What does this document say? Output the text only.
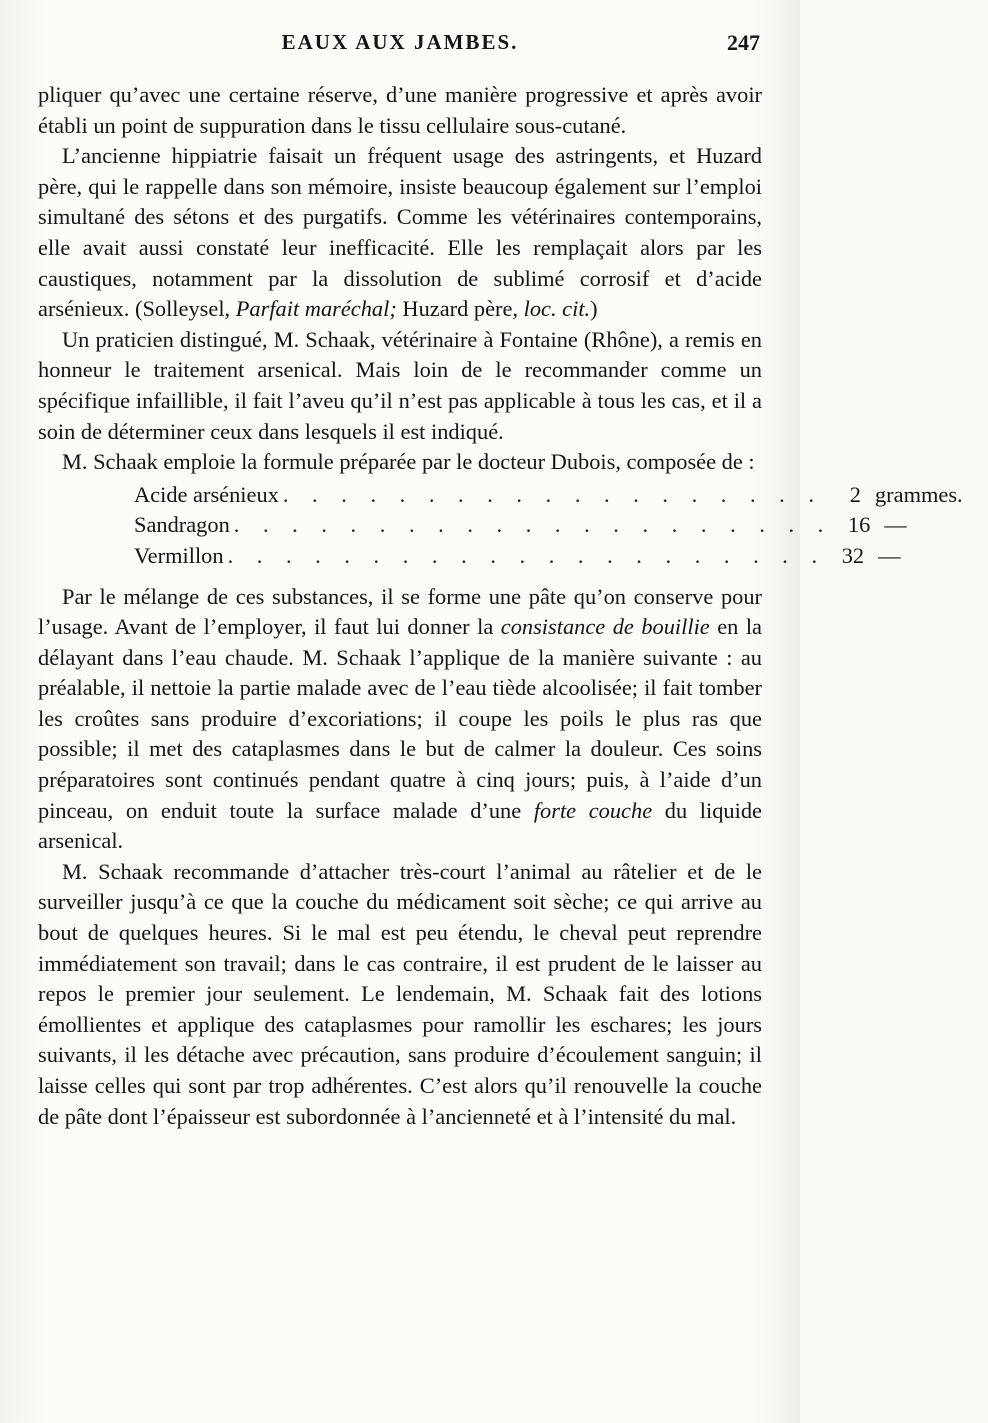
EAUX AUX JAMBES.	247

pliquer qu’avec une certaine réserve, d’une manière progressive et après avoir établi un point de suppuration dans le tissu cellulaire sous-cutané.

L’ancienne hippiatrie faisait un fréquent usage des astringents, et Huzard père, qui le rappelle dans son mémoire, insiste beaucoup également sur l’emploi simultané des sétons et des purgatifs. Comme les vétérinaires contemporains, elle avait aussi constaté leur inefficacité. Elle les remplaçait alors par les caustiques, notamment par la dissolution de sublimé corrosif et d’acide arsénieux. (Solleysel, Parfait maréchal; Huzard père, loc. cit.)

Un praticien distingué, M. Schaak, vétérinaire à Fontaine (Rhône), a remis en honneur le traitement arsenical. Mais loin de le recommander comme un spécifique infaillible, il fait l’aveu qu’il n’est pas applicable à tous les cas, et il a soin de déterminer ceux dans lesquels il est indiqué.

M. Schaak emploie la formule préparée par le docteur Dubois, composée de :

Acide arsénieux . . . . . . . . . . . . . . . . . . .	2 grammes.
Sandragon . . . . . . . . . . . . . . . . . . . . . 16 —
Vermillon . . . . . . . . . . . . . . . . . . . . . 32 —

Par le mélange de ces substances, il se forme une pâte qu’on conserve pour l’usage. Avant de l’employer, il faut lui donner la consistance de bouillie en la délayant dans l’eau chaude. M. Schaak l’applique de la manière suivante : au préalable, il nettoie la partie malade avec de l’eau tiède alcoolisée; il fait tomber les croûtes sans produire d’excoriations; il coupe les poils le plus ras que possible; il met des cataplasmes dans le but de calmer la douleur. Ces soins préparatoires sont continués pendant quatre à cinq jours; puis, à l’aide d’un pinceau, on enduit toute la surface malade d’une forte couche du liquide arsenical.

M. Schaak recommande d’attacher très-court l’animal au râtelier et de le surveiller jusqu’à ce que la couche du médicament soit sèche; ce qui arrive au bout de quelques heures. Si le mal est peu étendu, le cheval peut reprendre immédiatement son travail; dans le cas contraire, il est prudent de le laisser au repos le premier jour seulement. Le lendemain, M. Schaak fait des lotions émollientes et applique des cataplasmes pour ramollir les eschares; les jours suivants, il les détache avec précaution, sans produire d’écoulement sanguin; il laisse celles qui sont par trop adhérentes. C’est alors qu’il renouvelle la couche de pâte dont l’épaisseur est subordonnée à l’ancienneté et à l’intensité du mal.
